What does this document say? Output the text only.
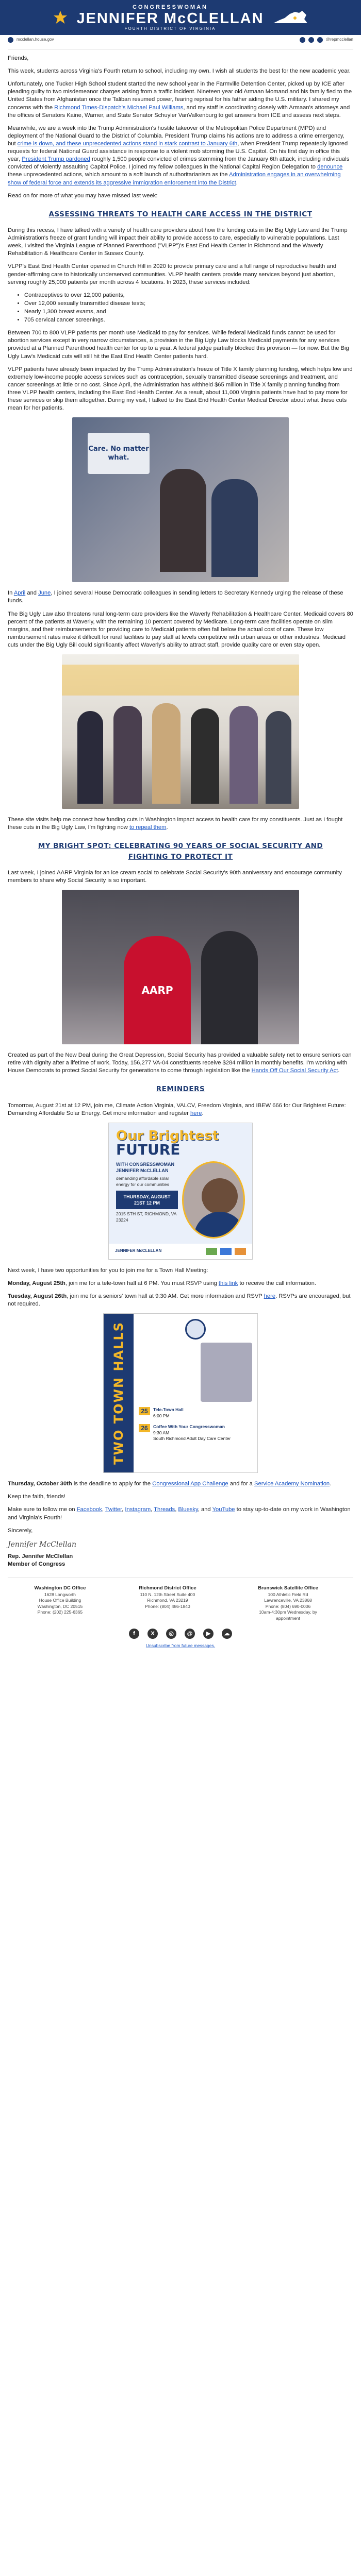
CONGRESSWOMAN
JENNIFER McCLELLAN
FOURTH DISTRICT OF VIRGINIA
mcclellan.house.gov	@repmcclellan

Friends,

This week, students across Virginia's Fourth return to school, including my own. I wish all students the best for the new academic year.

Unfortunately, one Tucker High School student started the new school year in the Farmville Detention Center, picked up by ICE after pleading guilty to two misdemeanor charges arising from a traffic incident. Nineteen year old Armaan Momand and his family fled to the United States from Afghanistan once the Taliban resumed power, fearing reprisal for his father aiding the U.S. military. I shared my concerns with the Richmond Times-Dispatch's Michael Paul Williams, and my staff is coordinating closely with Armaan's attorneys and the offices of Senators Kaine, Warner, and State Senator Schuyler VanValkenburg to get answers from ICE and assess next steps.

Meanwhile, we are a week into the Trump Administration's hostile takeover of the Metropolitan Police Department (MPD) and deployment of the National Guard to the District of Columbia. President Trump claims his actions are to address a crime emergency, but crime is down, and these unprecedented actions stand in stark contrast to January 6th, when President Trump repeatedly ignored requests for federal National Guard assistance in response to a violent mob storming the U.S. Capitol. On his first day in office this year, President Trump pardoned roughly 1,500 people convicted of crimes stemming from the January 6th attack, including individuals convicted of violently assaulting Capitol Police. I joined my fellow colleagues in the National Capital Region Delegation to denounce these unprecedented actions, which amount to a soft launch of authoritarianism as the Administration engages in an overwhelming show of federal force and extends its aggressive immigration enforcement into the District.

Read on for more of what you may have missed last week:

ASSESSING THREATS TO HEALTH CARE ACCESS IN THE DISTRICT

During this recess, I have talked with a variety of health care providers about how the funding cuts in the Big Ugly Law and the Trump Administration's freeze of grant funding will impact their ability to provide access to care, especially to vulnerable populations. Last week, I visited the Virginia League of Planned Parenthood ("VLPP")'s East End Health Center in Richmond and the Waverly Rehabilitation & Healthcare Center in Sussex County.

VLPP's East End Health Center opened in Church Hill in 2020 to provide primary care and a full range of reproductive health and gender-affirming care to historically underserved communities. VLPP health centers provide many services beyond just abortion, serving roughly 25,000 patients per month across 4 locations. In 2023, these services included:

• Contraceptives to over 12,000 patients,
• Over 12,000 sexually transmitted disease tests;
• Nearly 1,300 breast exams, and
• 705 cervical cancer screenings.

Between 700 to 800 VLPP patients per month use Medicaid to pay for services. While federal Medicaid funds cannot be used for abortion services except in very narrow circumstances, a provision in the Big Ugly Law blocks Medicaid payments for any services provided at a Planned Parenthood health center for up to a year. A federal judge partially blocked this provision — for now. But the Big Ugly Law's Medicaid cuts will still hit the East End Health Center patients hard.

VLPP patients have already been impacted by the Trump Administration's freeze of Title X family planning funding, which helps low and extremely low-income people access services such as contraception, sexually transmitted disease screenings and treatment, and cancer screenings at little or no cost. Since April, the Administration has withheld $65 million in Title X family planning funding from three VLPP health centers, including the East End Health Center. As a result, about 11,000 Virginia patients have had to pay more for these services or skip them altogether. During my visit, I talked to the East End Health Center Medical Director about what these cuts mean for her patients.

Care. No matter what.

In April and June, I joined several House Democratic colleagues in sending letters to Secretary Kennedy urging the release of these funds.

The Big Ugly Law also threatens rural long-term care providers like the Waverly Rehabilitation & Healthcare Center. Medicaid covers 80 percent of the patients at Waverly, with the remaining 10 percent covered by Medicare. Long-term care facilities operate on slim margins, and their reimbursements for providing care to Medicaid patients often fall below the actual cost of care. These low reimbursement rates make it difficult for rural facilities to pay staff at levels competitive with urban areas or other industries. Medicaid cuts under the Big Ugly Bill could significantly affect Waverly's ability to attract staff, provide quality care or even stay open.

These site visits help me connect how funding cuts in Washington impact access to health care for my constituents. Just as I fought these cuts in the Big Ugly Law, I'm fighting now to repeal them.

MY BRIGHT SPOT: CELEBRATING 90 YEARS OF SOCIAL SECURITY AND FIGHTING TO PROTECT IT

Last week, I joined AARP Virginia for an ice cream social to celebrate Social Security's 90th anniversary and encourage community members to share why Social Security is so important.

AARP

Created as part of the New Deal during the Great Depression, Social Security has provided a valuable safety net to ensure seniors can retire with dignity after a lifetime of work. Today, 156,277 VA-04 constituents receive $284 million in monthly benefits. I'm working with House Democrats to protect Social Security for generations to come through legislation like the Hands Off Our Social Security Act.

REMINDERS

Tomorrow, August 21st at 12 PM, join me, Climate Action Virginia, VALCV, Freedom Virginia, and IBEW 666 for Our Brightest Future: Demanding Affordable Solar Energy. Get more information and register here.

Our Brightest
FUTURE
WITH CONGRESSWOMAN JENNIFER McCLELLAN
demanding affordable solar energy for our communities
THURSDAY, AUGUST 21ST 12 PM
2015 STH ST, RICHMOND, VA 23224
JENNIFER McCLELLAN

Next week, I have two opportunities for you to join me for a Town Hall Meeting:

Monday, August 25th, join me for a tele-town hall at 6 PM. You must RSVP using this link to receive the call information.

Tuesday, August 26th, join me for a seniors' town hall at 9:30 AM. Get more information and RSVP here. RSVPs are encouraged, but not required.

TWO TOWN HALLS	25	Tele-Town Hall
6:00 PM
26	Coffee With Your Congresswoman
9:30 AM
South Richmond Adult Day Care Center

Thursday, October 30th is the deadline to apply for the Congressional App Challenge and for a Service Academy Nomination.

Keep the faith, friends!

Make sure to follow me on Facebook, Twitter, Instagram, Threads, Bluesky, and YouTube to stay up-to-date on my work in Washington and Virginia's Fourth!

Sincerely,

Jennifer McClellan
Rep. Jennifer McClellan
Member of Congress
Washington DC Office
1628 Longworth
House Office Building
Washington, DC 20515
Phone: (202) 225-6365
Richmond District Office
110 N. 12th Street Suite 400
Richmond, VA 23219
Phone: (804) 486-1840
Brunswick Satellite Office
100 Athletic Field Rd
Lawrenceville, VA 23868
Phone: (804) 690-0006
10am-4:30pm Wednesday, by appointment
f	X	◎	@	▶	☁
Unsubscribe from future messages.
